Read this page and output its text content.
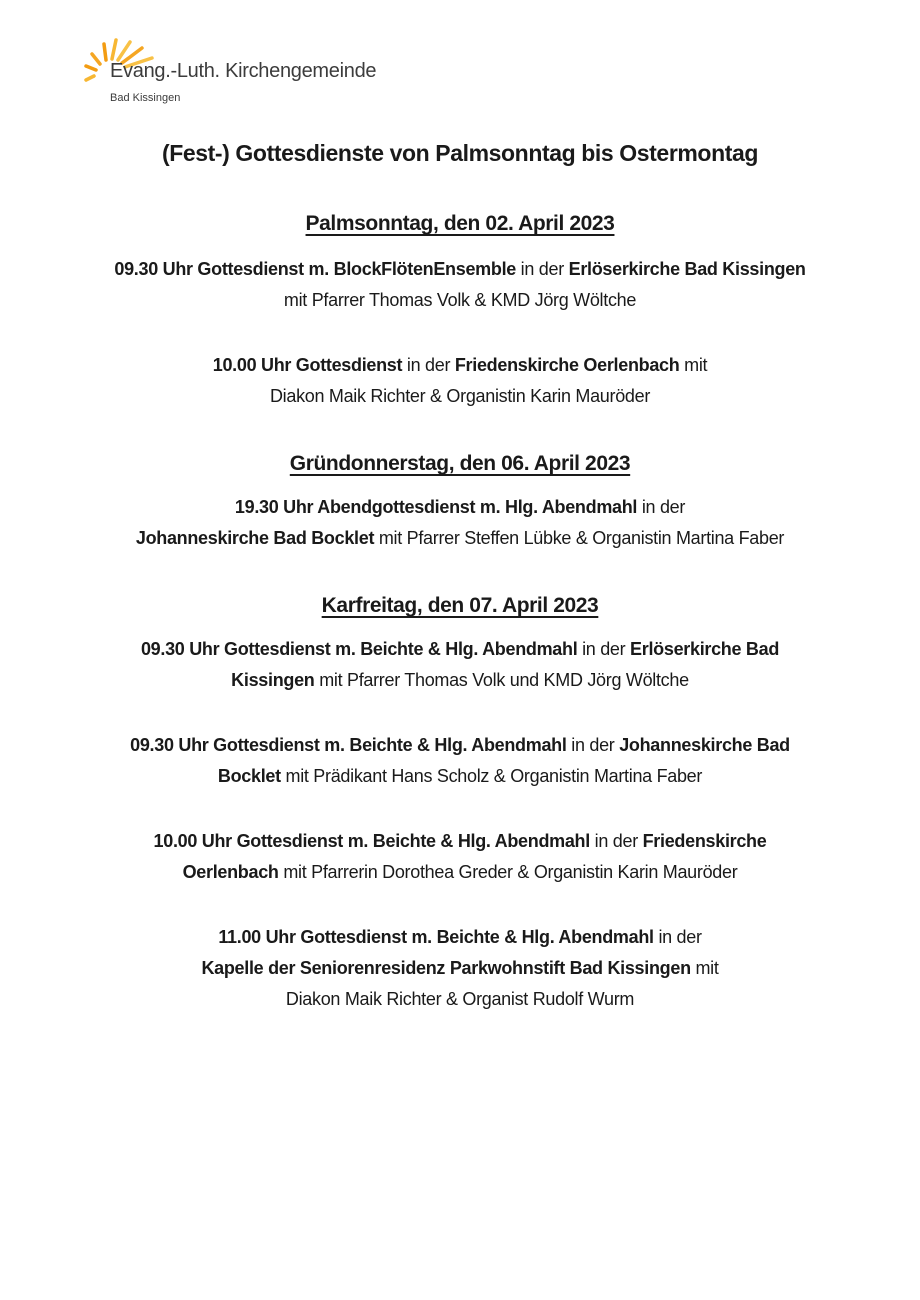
Evang.-Luth. Kirchengemeinde
Bad Kissingen
(Fest-) Gottesdienste von Palmsonntag bis Ostermontag
Palmsonntag, den 02. April 2023
09.30 Uhr Gottesdienst m. BlockFlötenEnsemble in der Erlöserkirche Bad Kissingen
mit Pfarrer Thomas Volk & KMD Jörg Wöltche
10.00 Uhr Gottesdienst in der Friedenskirche Oerlenbach mit
Diakon Maik Richter & Organistin Karin Mauröder
Gründonnerstag, den 06. April 2023
19.30 Uhr Abendgottesdienst m. Hlg. Abendmahl in der
Johanneskirche Bad Bocklet mit Pfarrer Steffen Lübke & Organistin Martina Faber
Karfreitag, den 07. April 2023
09.30 Uhr Gottesdienst m. Beichte & Hlg. Abendmahl in der Erlöserkirche Bad
Kissingen mit Pfarrer Thomas Volk und KMD Jörg Wöltche
09.30 Uhr Gottesdienst m. Beichte & Hlg. Abendmahl in der Johanneskirche Bad
Bocklet mit Prädikant Hans Scholz & Organistin Martina Faber
10.00 Uhr Gottesdienst m. Beichte & Hlg. Abendmahl in der Friedenskirche
Oerlenbach mit Pfarrerin Dorothea Greder & Organistin Karin Mauröder
11.00 Uhr Gottesdienst m. Beichte & Hlg. Abendmahl in der
Kapelle der Seniorenresidenz Parkwohnstift Bad Kissingen mit
Diakon Maik Richter & Organist Rudolf Wurm
